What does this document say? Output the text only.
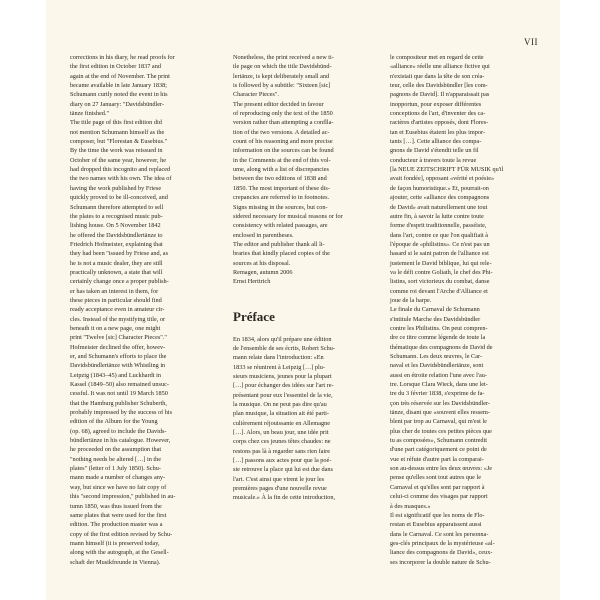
VII
corrections in his diary, he read proofs for
the first edition in October 1837 and
again at the end of November. The print
became available in late January 1838;
Schumann curtly noted the event in his
diary on 27 January: "Davidsbündler-
tänze finished."
The title page of this first edition did
not mention Schumann himself as the
composer, but "Florestan & Eusebius."
By the time the work was reissued in
October of the same year, however, he
had dropped this incognito and replaced
the two names with his own. The idea of
having the work published by Friese
quickly proved to be ill-conceived, and
Schumann therefore attempted to sell
the plates to a recognised music pub-
lishing house. On 5 November 1842
he offered the Davidsbündlertänze to
Friedrich Hofmeister, explaining that
they had been "issued by Friese and, as
he is not a music dealer, they are still
practically unknown, a state that will
certainly change once a proper publish-
er has taken an interest in them, for
these pieces in particular should find
ready acceptance even in amateur cir-
cles. Instead of the mystifying title, or
beneath it on a new page, one might
print "Twelve [sic] Character Pieces"."
Hofmeister declined the offer, howev-
er, and Schumann's efforts to place the
Davidsbündlertänze with Whistling in
Leipzig (1843–45) and Luckhardt in
Kassel (1849–50) also remained unsuc-
cessful. It was not until 19 March 1850
that the Hamburg publisher Schuberth,
probably impressed by the success of his
edition of the Album for the Young
(op. 68), agreed to include the Davids-
bündlertänze in his catalogue. However,
he proceeded on the assumption that
"nothing needs be altered […] in the
plates" (letter of 1 July 1850). Schu-
mann made a number of changes any-
way, but since we have no fair copy of
this "second impression," published in au-
tumn 1850, was thus issued from the
same plates that were used for the first
edition. The production master was a
copy of the first edition revised by Schu-
mann himself (it is preserved today,
along with the autograph, at the Gesell-
schaft der Musikfreunde in Vienna).
Nonetheless, the print received a new ti-
tle page on which the title Davidsbünd-
lertänze, is kept deliberately small and
is followed by a subtitle: "Sixteen [sic]
Character Pieces".
The present editor decided in favour
of reproducing only the text of the 1850
version rather than attempting a conflla-
tion of the two versions. A detailed ac-
count of his reasoning and more precise
information on the sources can be found
in the Comments at the end of this vol-
ume, along with a list of discrepancies
between the two editions of 1838 and
1850. The most important of these dis-
crepancies are referred to in footnotes.
Signs missing in the sources, but con-
sidered necessary for musical reasons or for
consistency with related passages, are
enclosed in parentheses.
The editor and publisher thank all li-
braries that kindly placed copies of the
sources at his disposal.
Remagen, autumn 2006
Ernst Herttrich
Préface
En 1834, alors qu'il prépare une édition
de l'ensemble de ses écrits, Robert Schu-
mann relate dans l'introduction: «En
1833 se réunirent à Leipzig […] plu-
sieurs musiciens, jeunes pour la plupart
[…] pour échanger des idées sur l'art re-
présentant pour eux l'essentiel de la vie,
la musique. On ne peut pas dire qu'au
plan musique, la situation ait été parti-
culièrement réjouissante en Allemagne
[…]. Alors, un beau jour, une idée prit
corps chez ces jeunes têtes chaudes: ne
restons pas là à regarder sans rien faire
[…] passons aux actes pour que la poé-
sie retrouve la place qui lui est due dans
l'art. C'est ainsi que virent le jour les
premières pages d'une nouvelle revue
musicale.» À la fin de cette introduction,
le compositeur met en regard de cette
«alliance» réelle une alliance fictive qui
n'existait que dans la tête de son créa-
teur, celle des Davidsbündler [les com-
pagnons de David]. Il n'apparaissait pas
inopportun, pour exposer différentes
conceptions de l'art, d'inventer des ca-
ractères d'artistes opposés, dont Flores-
tan et Eusebius étaient les plus impor-
tants […]. Cette alliance des compa-
gnons de David s'étendit telle un fil
conducteur à travers toute la revue
[la NEUE ZEITSCHRIFT FÜR MUSIK qu'il
avait fondée], opposant «vérité et poésie»
de façon humoristique.» Et, pourrait-on
ajouter, cette «alliance des compagnons
de David» avait naturellement une tout
autre fin, à savoir la lutte contre toute
forme d'esprit traditionnelle, passéiste,
dans l'art, contre ce que l'on qualifiait à
l'époque de «philistins». Ce n'est pas un
hasard si le saint patron de l'alliance est
justement le David biblique, lui qui rele-
va le défi contre Goliath, le chef des Phi-
listins, sort victorieux du combat, danse
comme roi devant l'Arche d'Alliance et
joue de la harpe.
Le finale du Carnaval de Schumann
s'intitule Marche des Davidsbündler
contre les Philistins. On peut compren-
dre ce titre comme légende de toute la
thématique des compagnons de David de
Schumann. Les deux œuvres, le Car-
naval et les Davidsbündlertänze, sont
aussi en étroite relation l'une avec l'au-
tre. Lorsque Clara Wieck, dans une let-
tre du 3 février 1838, s'exprime de fa-
çon très réservée sur les Davidsbündler-
tänze, disant que «souvent elles ressem-
blent par trop au Carnaval, qui m'est le
plus cher de toutes ces petites pièces que
tu as composées», Schumann contredit
d'une part catégoriquement ce point de
vue et réfute d'autre part la comparai-
son au-dessus entre les deux œuvres: «Je
pense qu'elles sont tout autres que le
Carnaval et qu'elles sont par rapport à
celui-ci comme des visages par rapport
à des masques.»
Il est significatif que les noms de Flo-
restan et Eusebius apparaissent aussi
dans le Carnaval. Ce sont les personna-
ges-clés principaux de la mystérieuse «al-
liance des compagnons de David», ceux-
ses incorporer la double nature de Schu-
